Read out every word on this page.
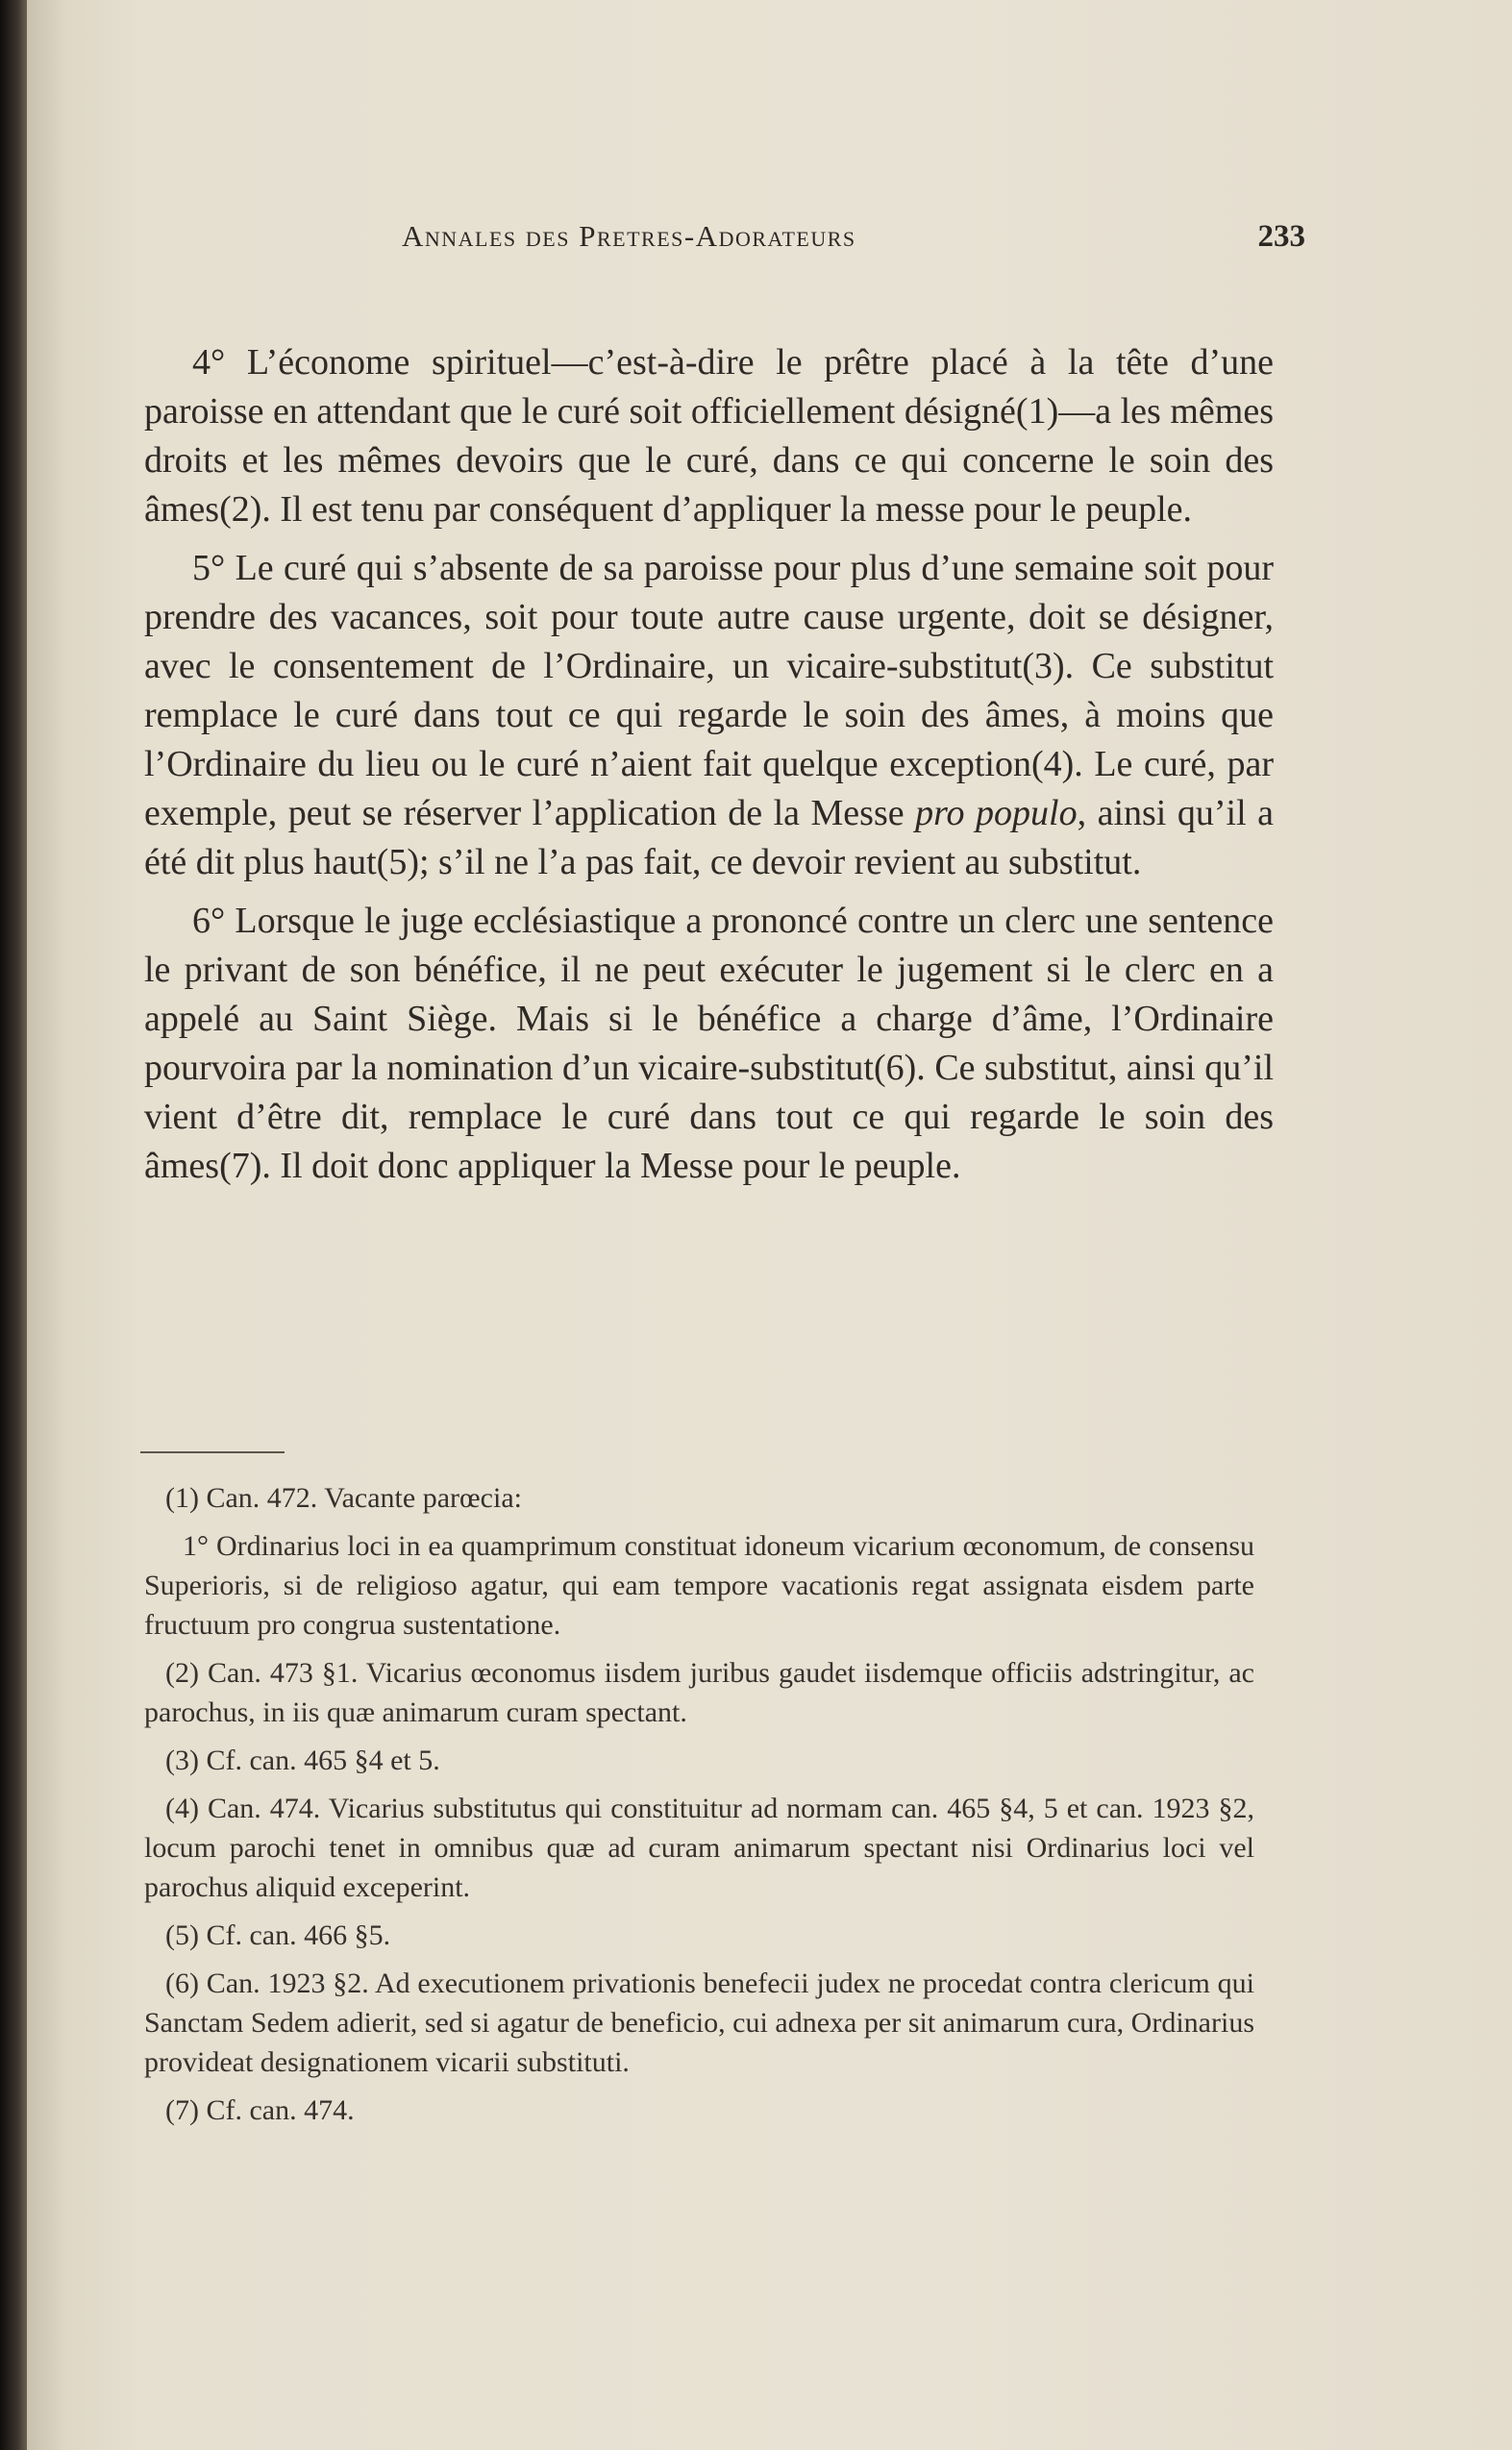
Annales des Pretres-Adorateurs	233

4° L’économe spirituel—c’est-à-dire le prêtre placé à la tête d’une paroisse en attendant que le curé soit officiellement désigné(1)—a les mêmes droits et les mêmes devoirs que le curé, dans ce qui concerne le soin des âmes(2). Il est tenu par conséquent d’appliquer la messe pour le peuple.

5° Le curé qui s’absente de sa paroisse pour plus d’une semaine soit pour prendre des vacances, soit pour toute autre cause urgente, doit se désigner, avec le consentement de l’Ordinaire, un vicaire-substitut(3). Ce substitut remplace le curé dans tout ce qui regarde le soin des âmes, à moins que l’Ordinaire du lieu ou le curé n’aient fait quelque exception(4). Le curé, par exemple, peut se réserver l’application de la Messe pro populo, ainsi qu’il a été dit plus haut(5); s’il ne l’a pas fait, ce devoir revient au substitut.

6° Lorsque le juge ecclésiastique a prononcé contre un clerc une sentence le privant de son bénéfice, il ne peut exécuter le jugement si le clerc en a appelé au Saint Siège. Mais si le bénéfice a charge d’âme, l’Ordinaire pourvoira par la nomination d’un vicaire-substitut(6). Ce substitut, ainsi qu’il vient d’être dit, remplace le curé dans tout ce qui regarde le soin des âmes(7). Il doit donc appliquer la Messe pour le peuple.

(1) Can. 472. Vacante parœcia:

1° Ordinarius loci in ea quamprimum constituat idoneum vicarium œconomum, de consensu Superioris, si de religioso agatur, qui eam tempore vacationis regat assignata eisdem parte fructuum pro congrua sustentatione.

(2) Can. 473 §1. Vicarius œconomus iisdem juribus gaudet iisdemque officiis adstringitur, ac parochus, in iis quæ animarum curam spectant.

(3) Cf. can. 465 §4 et 5.

(4) Can. 474. Vicarius substitutus qui constituitur ad normam can. 465 §4, 5 et can. 1923 §2, locum parochi tenet in omnibus quæ ad curam animarum spectant nisi Ordinarius loci vel parochus aliquid exceperint.

(5) Cf. can. 466 §5.

(6) Can. 1923 §2. Ad executionem privationis benefecii judex ne procedat contra clericum qui Sanctam Sedem adierit, sed si agatur de beneficio, cui adnexa per sit animarum cura, Ordinarius provideat designationem vicarii substituti.

(7) Cf. can. 474.
